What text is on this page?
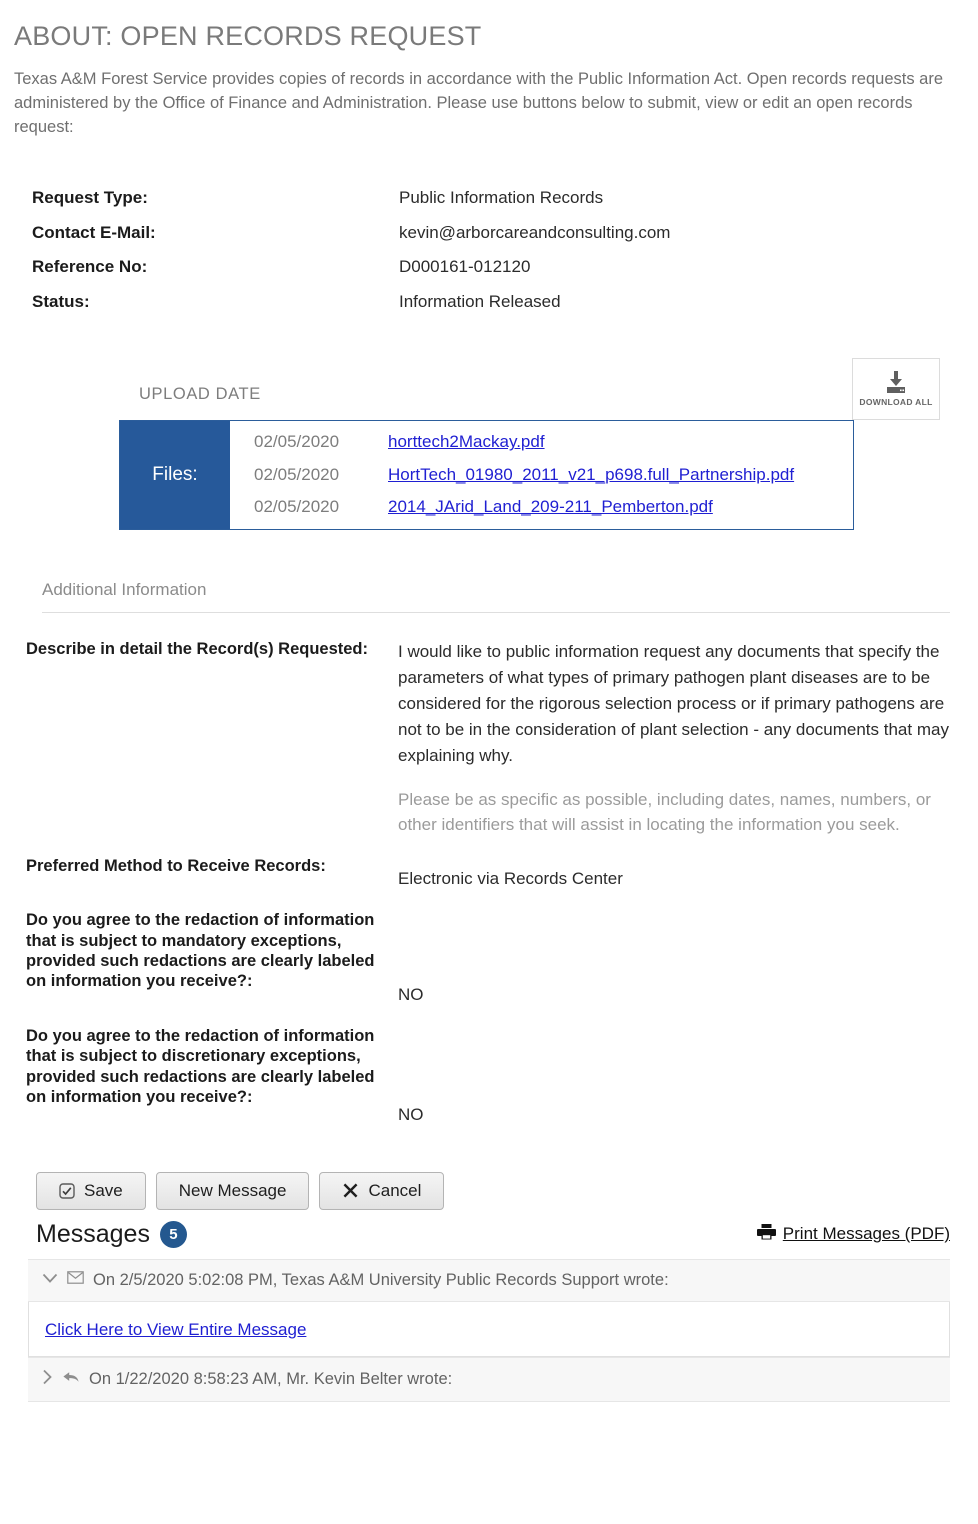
ABOUT: OPEN RECORDS REQUEST

Texas A&M Forest Service provides copies of records in accordance with the Public Information Act. Open records requests are administered by the Office of Finance and Administration. Please use buttons below to submit, view or edit an open records request:

Request Type:	Public Information Records
Contact E-Mail:	kevin@arborcareandconsulting.com
Reference No:	D000161-012120
Status:	Information Released
UPLOAD DATE	DOWNLOAD ALL
Files:
02/05/2020	horttech2Mackay.pdf
02/05/2020	HortTech_01980_2011_v21_p698.full_Partnership.pdf
02/05/2020	2014_JArid_Land_209-211_Pemberton.pdf
Additional Information
Describe in detail the Record(s) Requested:	I would like to public information request any documents that specify the parameters of what types of primary pathogen plant diseases are to be considered for the rigorous selection process or if primary pathogens are not to be in the consideration of plant selection - any documents that may explaining why.

Please be as specific as possible, including dates, names, numbers, or other identifiers that will assist in locating the information you seek.

Preferred Method to Receive Records:
Electronic via Records Center
Do you agree to the redaction of information that is subject to mandatory exceptions, provided such redactions are clearly labeled on information you receive?:
NO
Do you agree to the redaction of information that is subject to discretionary exceptions, provided such redactions are clearly labeled on information you receive?:
NO
Save	New Message	Cancel
Messages	5	Print Messages (PDF)
On 2/5/2020 5:02:08 PM, Texas A&M University Public Records Support wrote:
Click Here to View Entire Message
On 1/22/2020 8:58:23 AM, Mr. Kevin Belter wrote:
